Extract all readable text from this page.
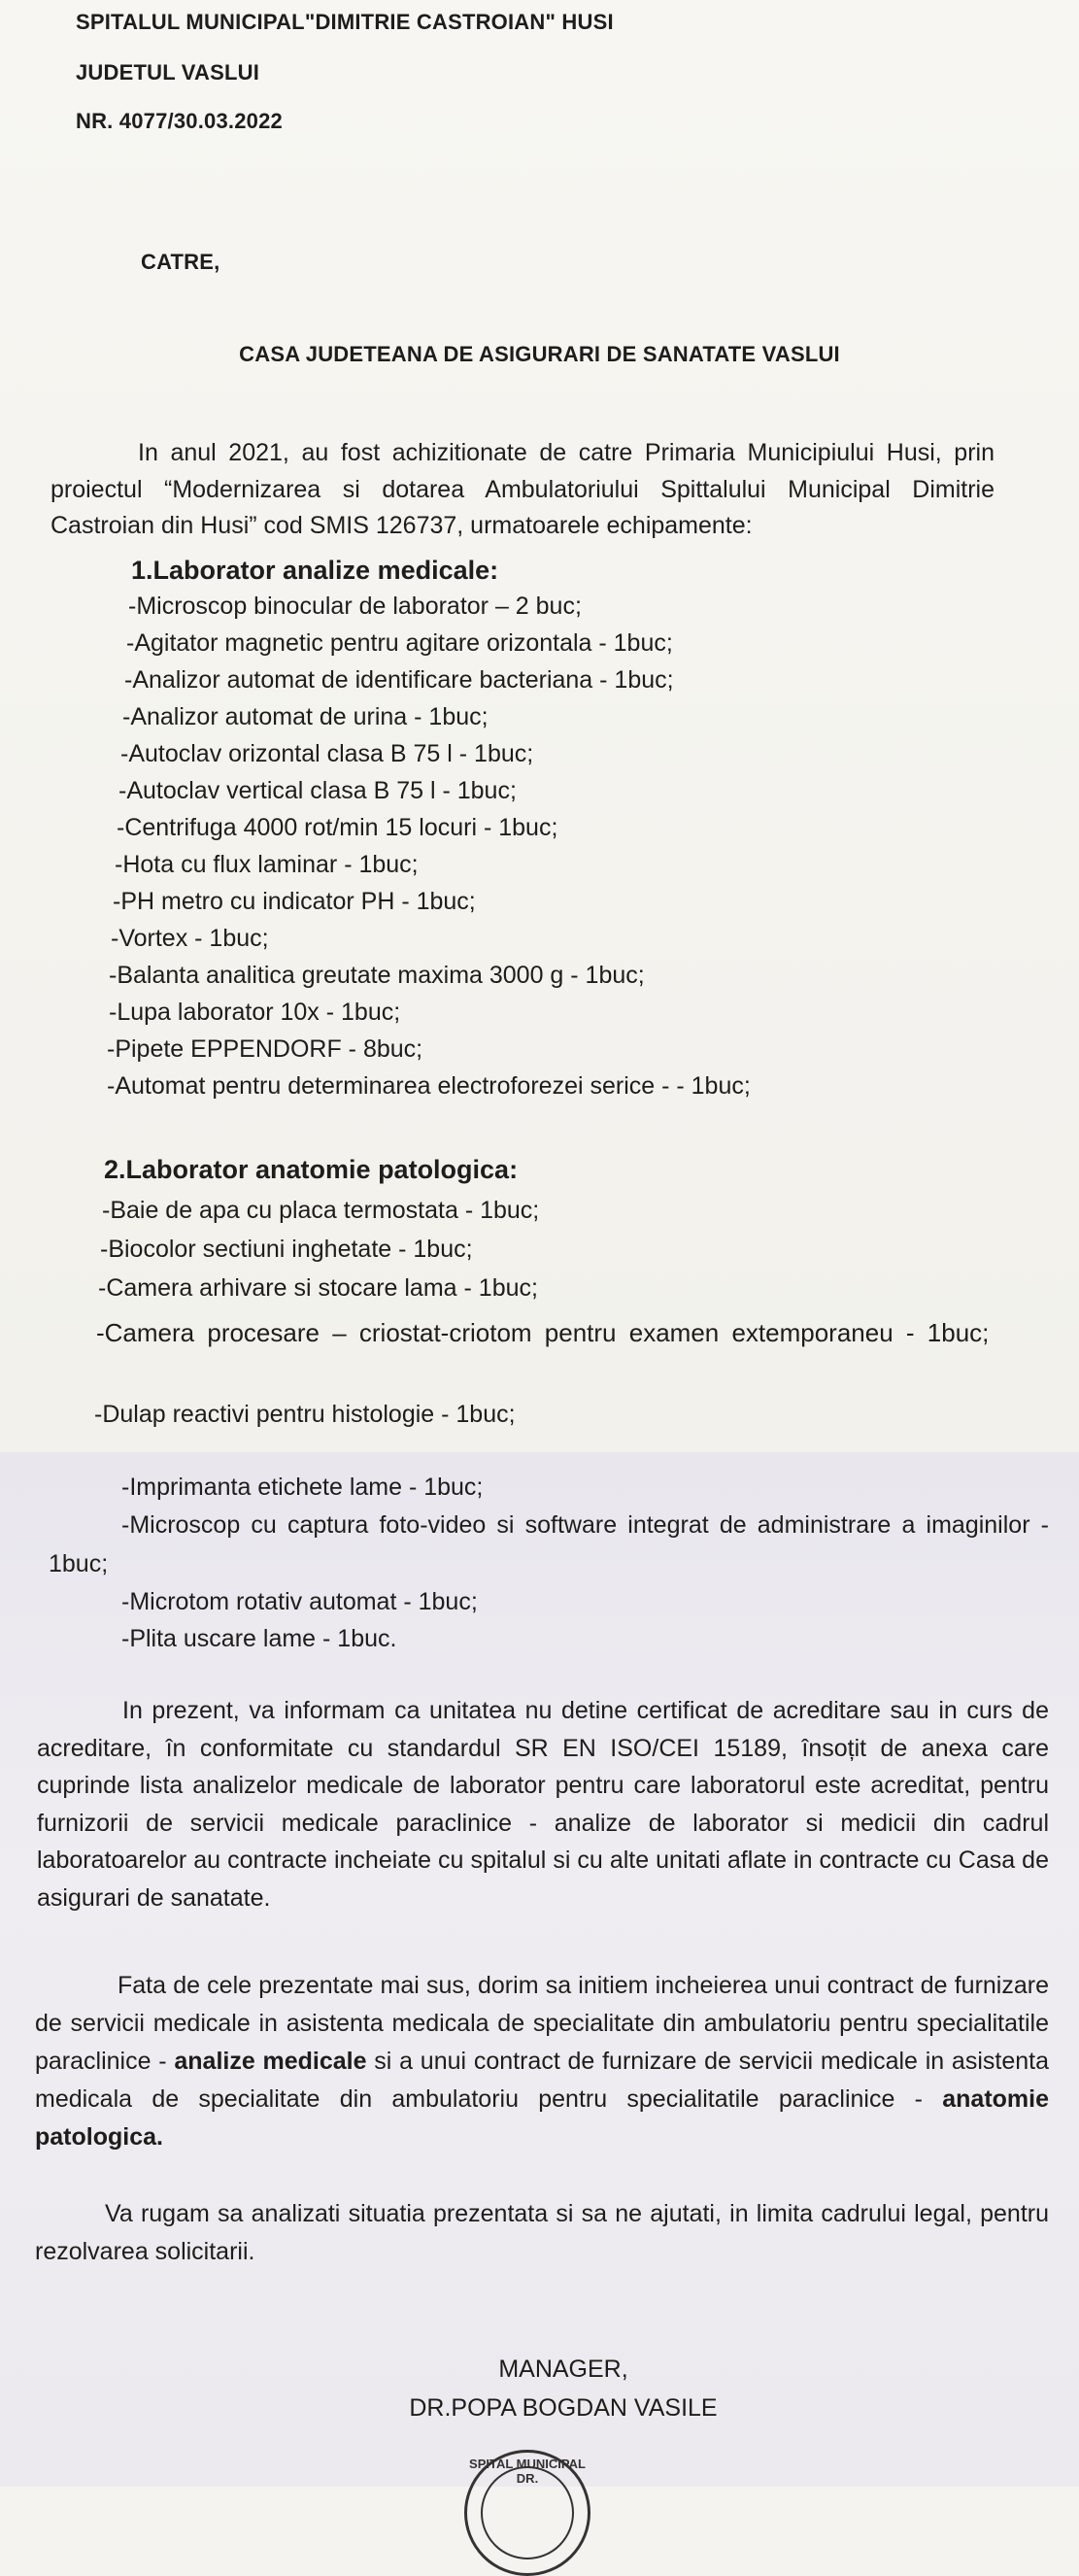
SPITALUL MUNICIPAL"DIMITRIE CASTROIAN" HUSI

JUDETUL VASLUI

NR. 4077/30.03.2022

CATRE,

CASA JUDETEANA DE ASIGURARI DE SANATATE VASLUI

In anul 2021, au fost achizitionate de catre Primaria Municipiului Husi, prin proiectul “Modernizarea si dotarea Ambulatoriului Spittalului Municipal Dimitrie Castroian din Husi” cod SMIS 126737, urmatoarele echipamente:

1.Laborator analize medicale:

-Microscop binocular de laborator – 2 buc;

-Agitator magnetic pentru agitare orizontala - 1buc;

-Analizor automat de identificare bacteriana - 1buc;

-Analizor automat de urina - 1buc;

-Autoclav orizontal clasa B 75 l - 1buc;

-Autoclav vertical clasa B 75 l - 1buc;

-Centrifuga 4000 rot/min 15 locuri - 1buc;

-Hota cu flux laminar - 1buc;

-PH metro cu indicator PH - 1buc;

-Vortex - 1buc;

-Balanta analitica greutate maxima 3000 g - 1buc;

-Lupa laborator 10x - 1buc;

-Pipete EPPENDORF - 8buc;

-Automat pentru determinarea electroforezei serice - - 1buc;

2.Laborator anatomie patologica:

-Baie de apa cu placa termostata - 1buc;

-Biocolor sectiuni inghetate - 1buc;

-Camera arhivare si stocare lama - 1buc;

-Camera procesare – criostat-criotom pentru examen extemporaneu - 1buc;

-Dulap reactivi pentru histologie - 1buc;

-Imprimanta etichete lame - 1buc;

-Microscop cu captura foto-video si software integrat de administrare a imaginilor - 1buc;

-Microtom rotativ automat - 1buc;

-Plita uscare lame - 1buc.

In prezent, va informam ca unitatea nu detine certificat de acreditare sau in curs de acreditare, în conformitate cu standardul SR EN ISO/CEI 15189, însoțit de anexa care cuprinde lista analizelor medicale de laborator pentru care laboratorul este acreditat, pentru furnizorii de servicii medicale paraclinice - analize de laborator si medicii din cadrul laboratoarelor au contracte incheiate cu spitalul si cu alte unitati aflate in contracte cu Casa de asigurari de sanatate.

Fata de cele prezentate mai sus, dorim sa initiem incheierea unui contract de furnizare de servicii medicale in asistenta medicala de specialitate din ambulatoriu pentru specialitatile paraclinice - analize medicale si a unui contract de furnizare de servicii medicale in asistenta medicala de specialitate din ambulatoriu pentru specialitatile paraclinice - anatomie patologica.

Va rugam sa analizati situatia prezentata si sa ne ajutati, in limita cadrului legal, pentru rezolvarea solicitarii.

MANAGER,

DR.POPA BOGDAN VASILE

SPITAL MUNICIPAL DR.
